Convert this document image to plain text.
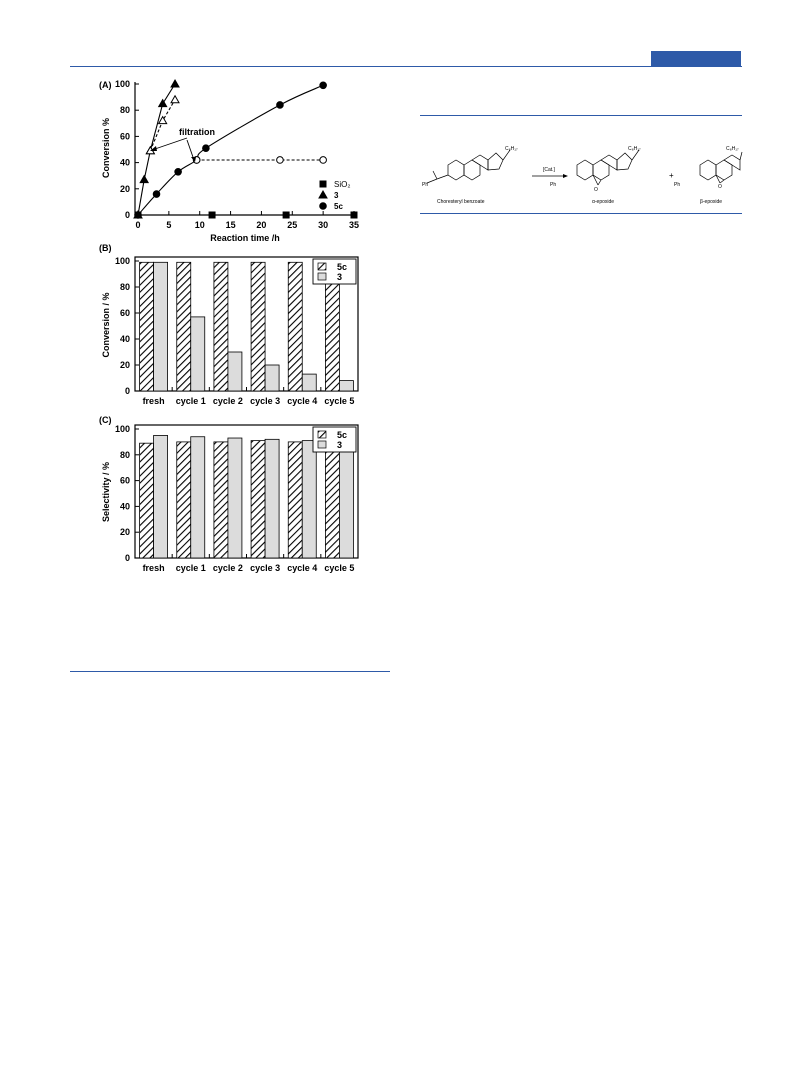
(A)
0	5	10 15 20 25 30 35
0
20
40
60
80
100
Reaction time /h
Conversion %	filtration
SiO₂
3
5c
(B)
0
20
40
60
80
100
fresh cycle 1 cycle 2 cycle 3 cycle 4 cycle 5
Conversion / %
5c
3
(C)
0
20
40
60
80
100
fresh cycle 1 cycle 2 cycle 3 cycle 4 cycle 5
Selectivity / %
5c
3
Ph
C₈H₁₇
Choresteryl benzoate
[Cat.]
Ph
C₈H₁₇
O
α-epoxide
+
Ph
C₈H₁₇
O
β-epoxide
